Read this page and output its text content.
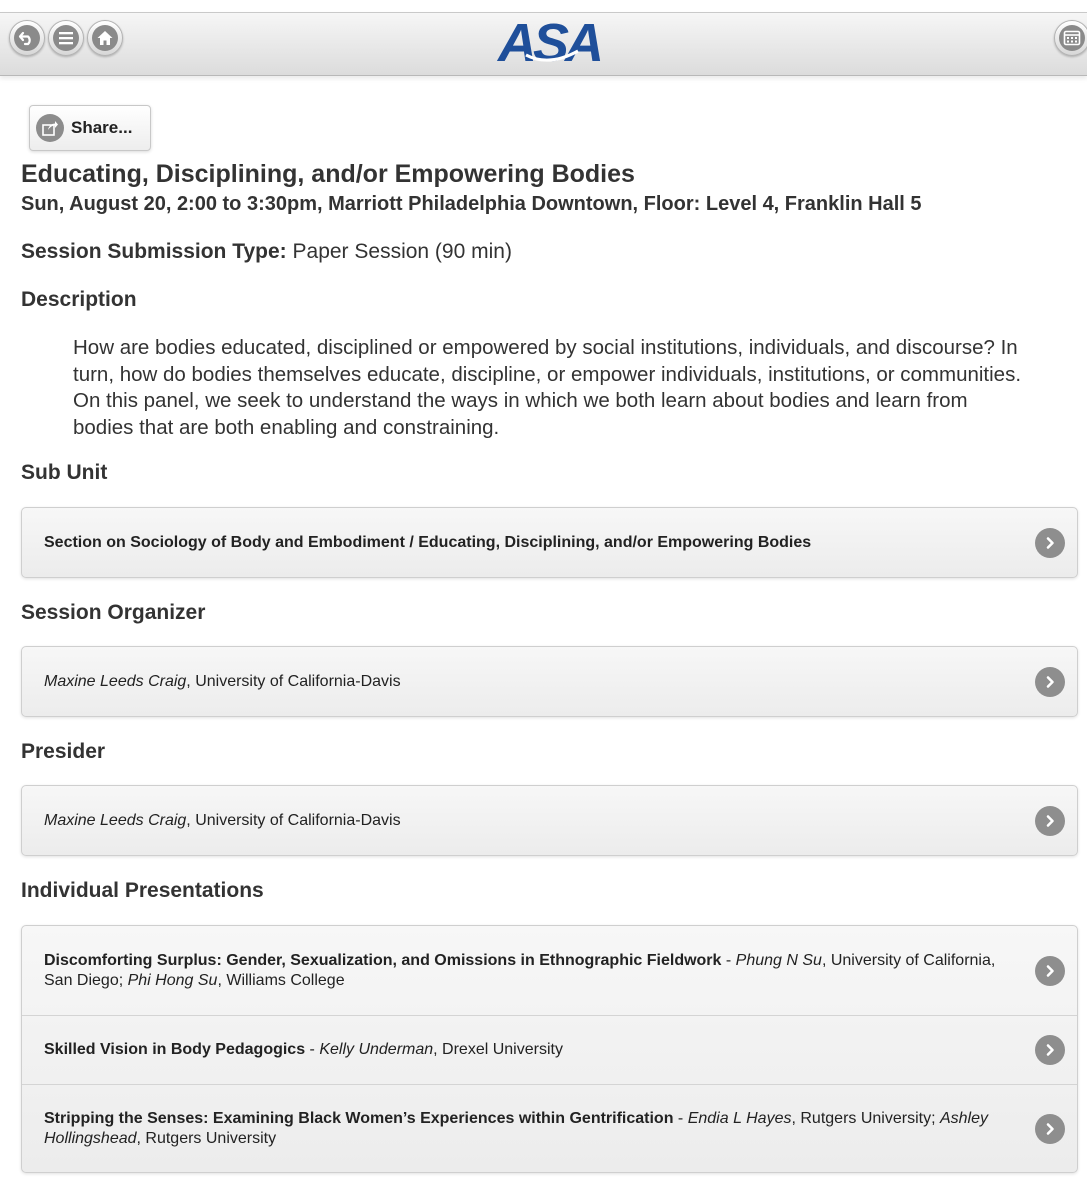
ASA
Share...
Educating, Disciplining, and/or Empowering Bodies
Sun, August 20, 2:00 to 3:30pm, Marriott Philadelphia Downtown, Floor: Level 4, Franklin Hall 5
Session Submission Type: Paper Session (90 min)
Description
How are bodies educated, disciplined or empowered by social institutions, individuals, and discourse? In turn, how do bodies themselves educate, discipline, or empower individuals, institutions, or communities. On this panel, we seek to understand the ways in which we both learn about bodies and learn from bodies that are both enabling and constraining.
Sub Unit
Section on Sociology of Body and Embodiment / Educating, Disciplining, and/or Empowering Bodies
Session Organizer
Maxine Leeds Craig, University of California-Davis
Presider
Maxine Leeds Craig, University of California-Davis
Individual Presentations
Discomforting Surplus: Gender, Sexualization, and Omissions in Ethnographic Fieldwork - Phung N Su, University of California, San Diego; Phi Hong Su, Williams College
Skilled Vision in Body Pedagogics - Kelly Underman, Drexel University
Stripping the Senses: Examining Black Women’s Experiences within Gentrification - Endia L Hayes, Rutgers University; Ashley Hollingshead, Rutgers University
